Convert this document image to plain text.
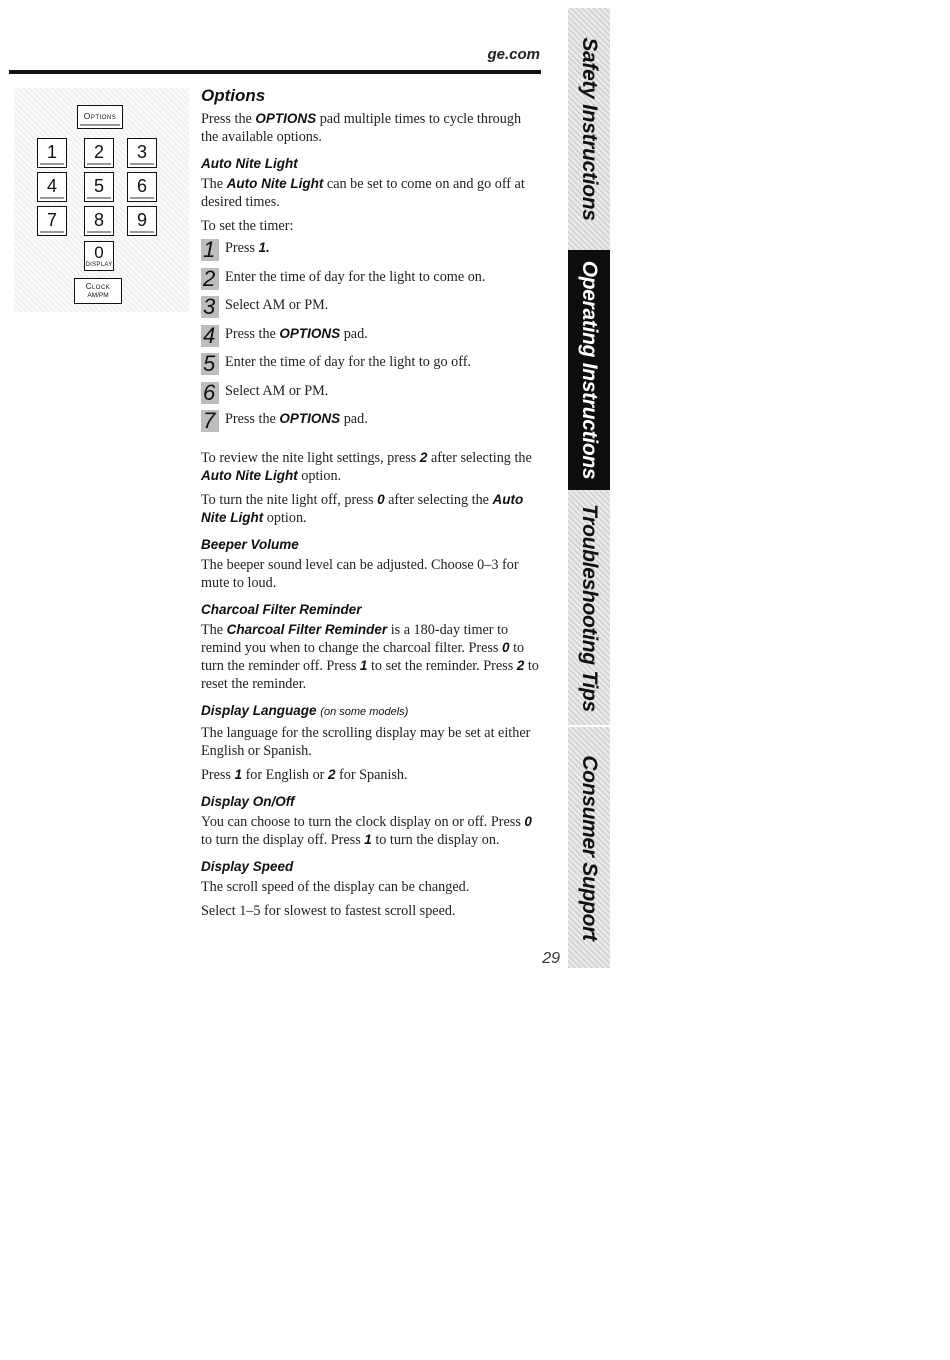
ge.com
Options
1	2	3
4	5	6
7	8	9
0
DISPLAY
Clock
AM/PM
Options

Press the OPTIONS pad multiple times to cycle through the available options.

Auto Nite Light

The Auto Nite Light can be set to come on and go off at desired times.

To set the timer:

1 Press 1.
2 Enter the time of day for the light to come on.
3 Select AM or PM.
4 Press the OPTIONS pad.
5 Enter the time of day for the light to go off.
6 Select AM or PM.
7 Press the OPTIONS pad.

To review the nite light settings, press 2 after selecting the Auto Nite Light option.

To turn the nite light off, press 0 after selecting the Auto Nite Light option.

Beeper Volume

The beeper sound level can be adjusted. Choose 0–3 for mute to loud.

Charcoal Filter Reminder

The Charcoal Filter Reminder is a 180-day timer to remind you when to change the charcoal filter. Press 0 to turn the reminder off. Press 1 to set the reminder. Press 2 to reset the reminder.

Display Language (on some models)

The language for the scrolling display may be set at either English or Spanish.

Press 1 for English or 2 for Spanish.

Display On/Off

You can choose to turn the clock display on or off. Press 0 to turn the display off. Press 1 to turn the display on.

Display Speed

The scroll speed of the display can be changed.

Select 1–5 for slowest to fastest scroll speed.

29
Safety Instructions
Operating Instructions
Troubleshooting Tips
Consumer Support
